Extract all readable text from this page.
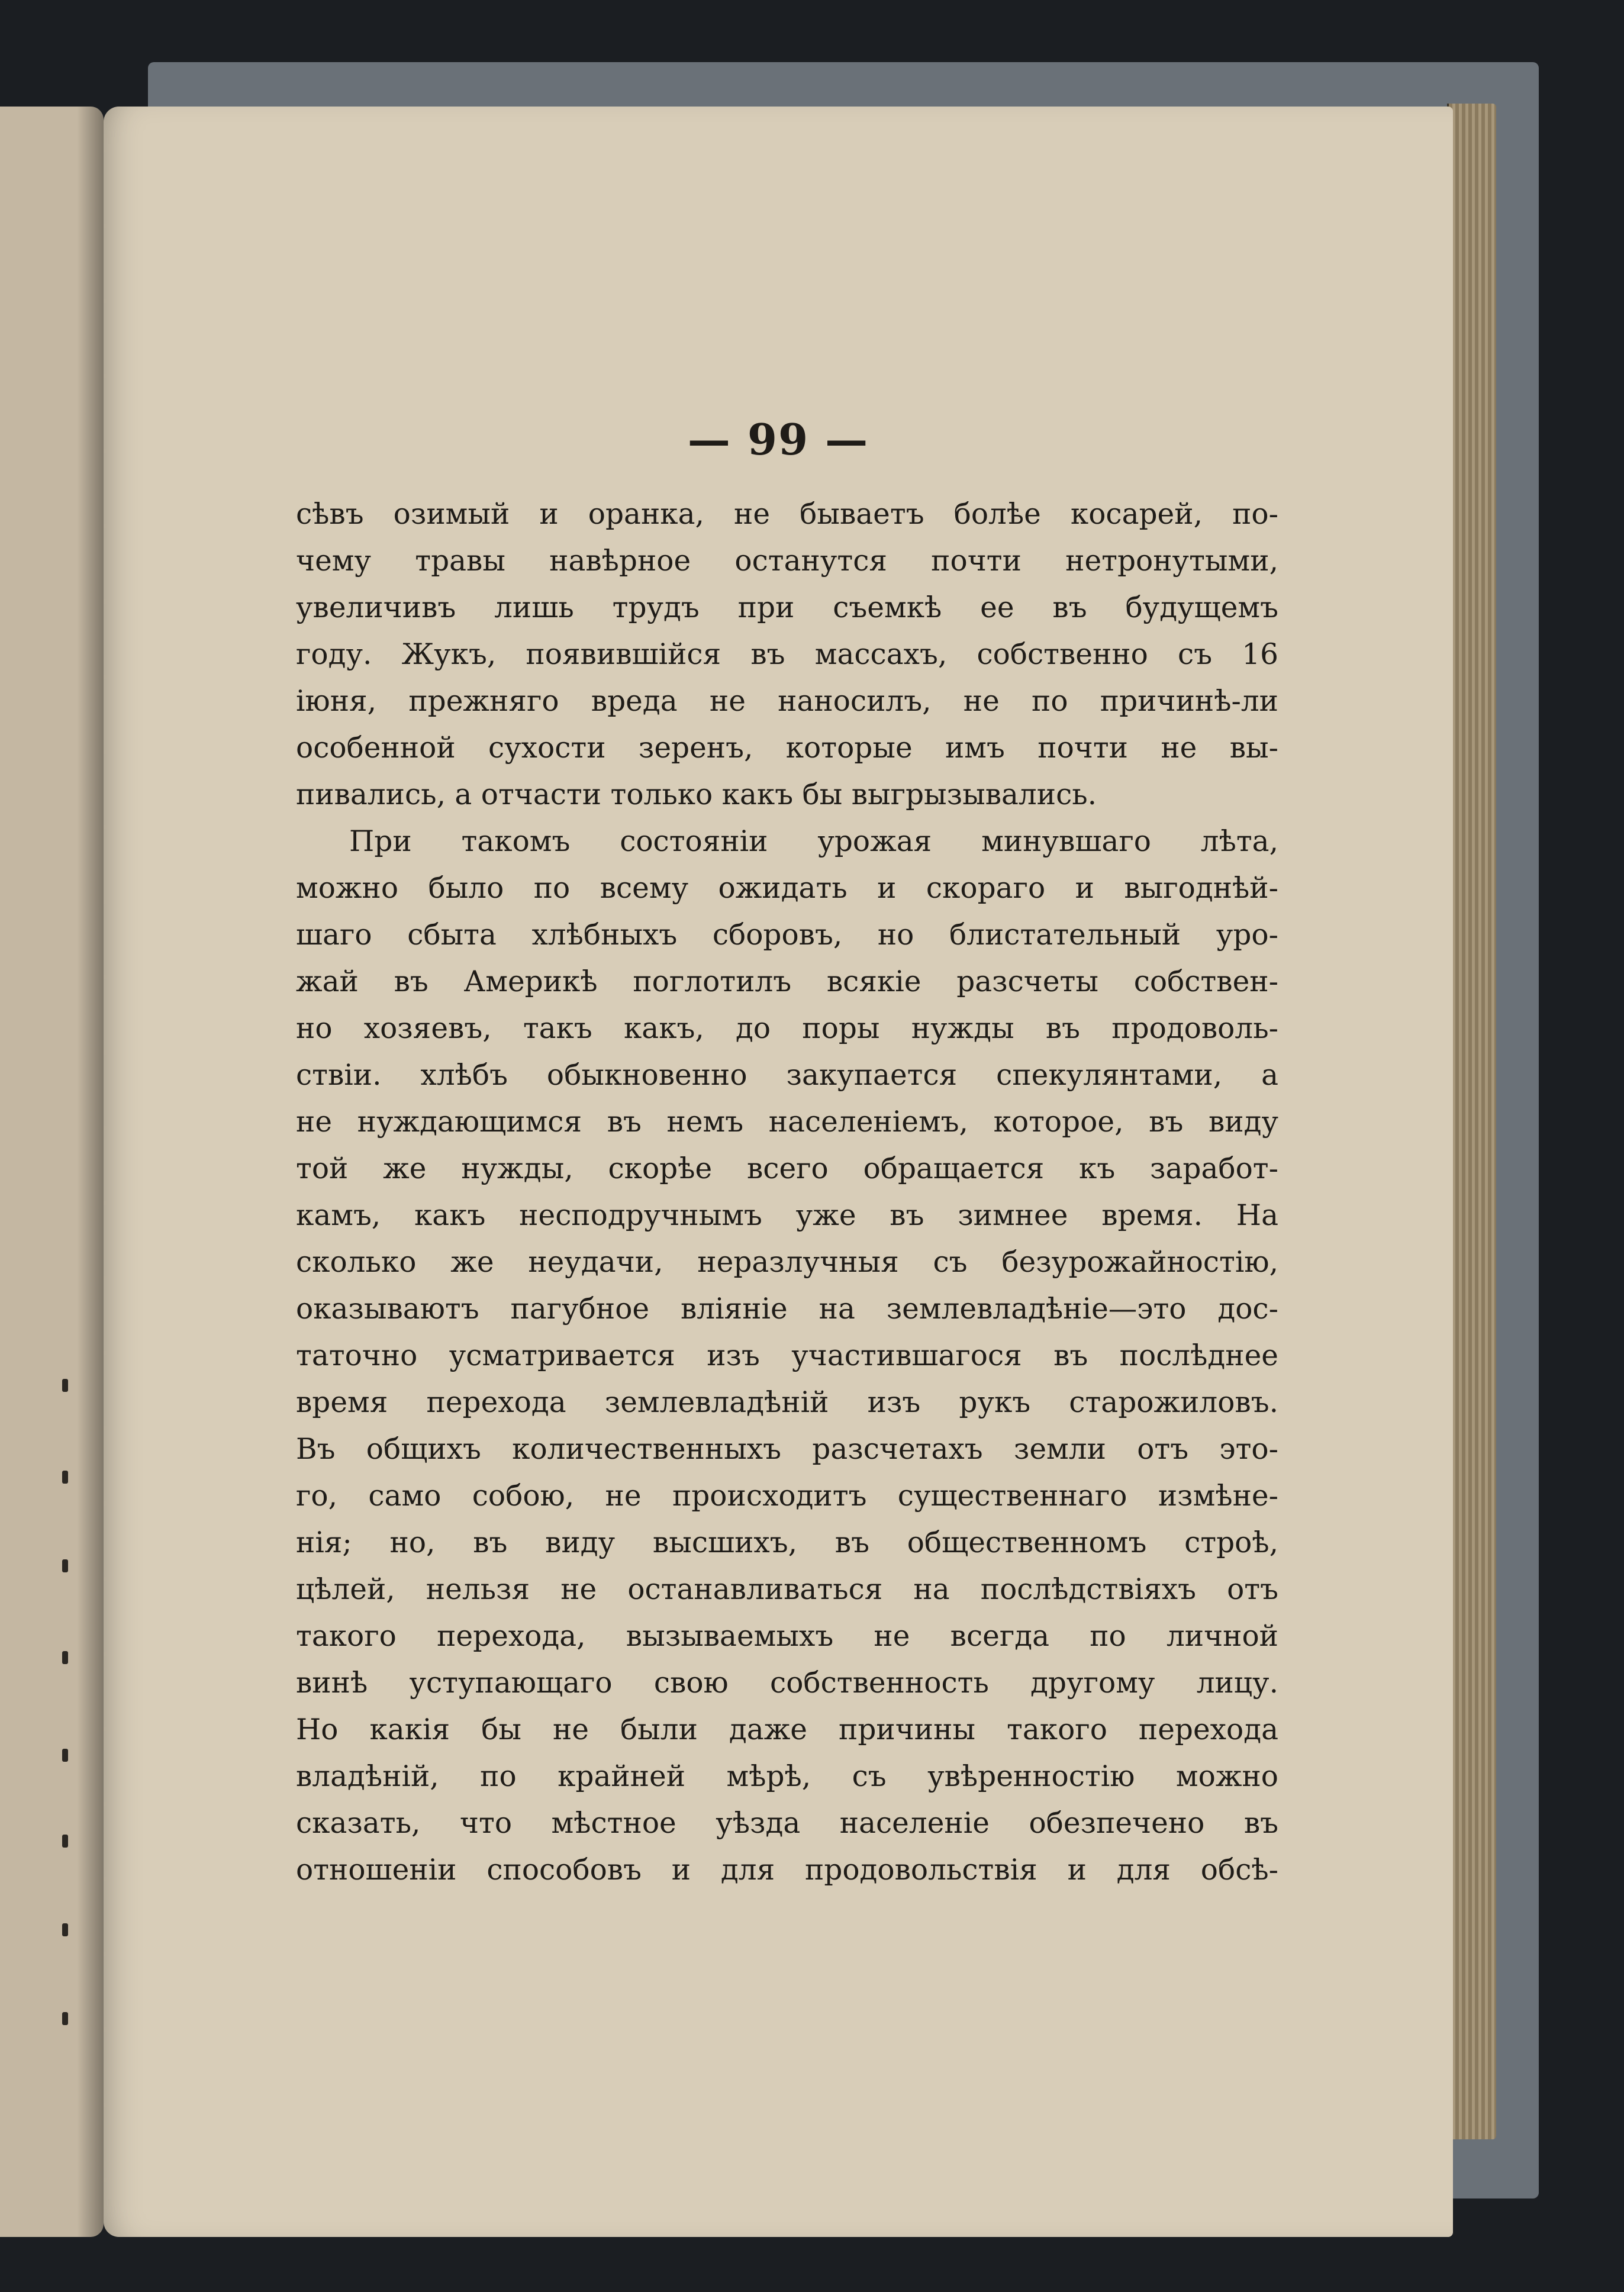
— 99 —
сѣвъ озимый и оранка, не бываетъ болѣе косарей, по-
чему травы навѣрное останутся почти нетронутыми,
увеличивъ лишь трудъ при съемкѣ ее въ будущемъ
году. Жукъ, появившійся въ массахъ, собственно съ 16
іюня, прежняго вреда не наносилъ, не по причинѣ-ли
особенной сухости зеренъ, которые имъ почти не вы-
пивались, а отчасти только какъ бы выгрызывались.
При такомъ состояніи урожая минувшаго лѣта,
можно было по всему ожидать и скораго и выгоднѣй-
шаго сбыта хлѣбныхъ сборовъ, но блистательный уро-
жай въ Америкѣ поглотилъ всякіе разсчеты собствен-
но хозяевъ, такъ какъ, до поры нужды въ продоволь-
ствіи. хлѣбъ обыкновенно закупается спекулянтами, а
не нуждающимся въ немъ населеніемъ, которое, въ виду
той же нужды, скорѣе всего обращается къ заработ-
камъ, какъ несподручнымъ уже въ зимнее время. На
сколько же неудачи, неразлучныя съ безурожайностію,
оказываютъ пагубное вліяніе на землевладѣніе—это дос-
таточно усматривается изъ участившагося въ послѣднее
время перехода землевладѣній изъ рукъ старожиловъ.
Въ общихъ количественныхъ разсчетахъ земли отъ это-
го, само собою, не происходитъ существеннаго измѣне-
нія; но, въ виду высшихъ, въ общественномъ строѣ,
цѣлей, нельзя не останавливаться на послѣдствіяхъ отъ
такого перехода, вызываемыхъ не всегда по личной
винѣ уступающаго свою собственность другому лицу.
Но какія бы не были даже причины такого перехода
владѣній, по крайней мѣрѣ, съ увѣренностію можно
сказать, что мѣстное уѣзда населеніе обезпечено въ
отношеніи способовъ и для продовольствія и для обсѣ-
